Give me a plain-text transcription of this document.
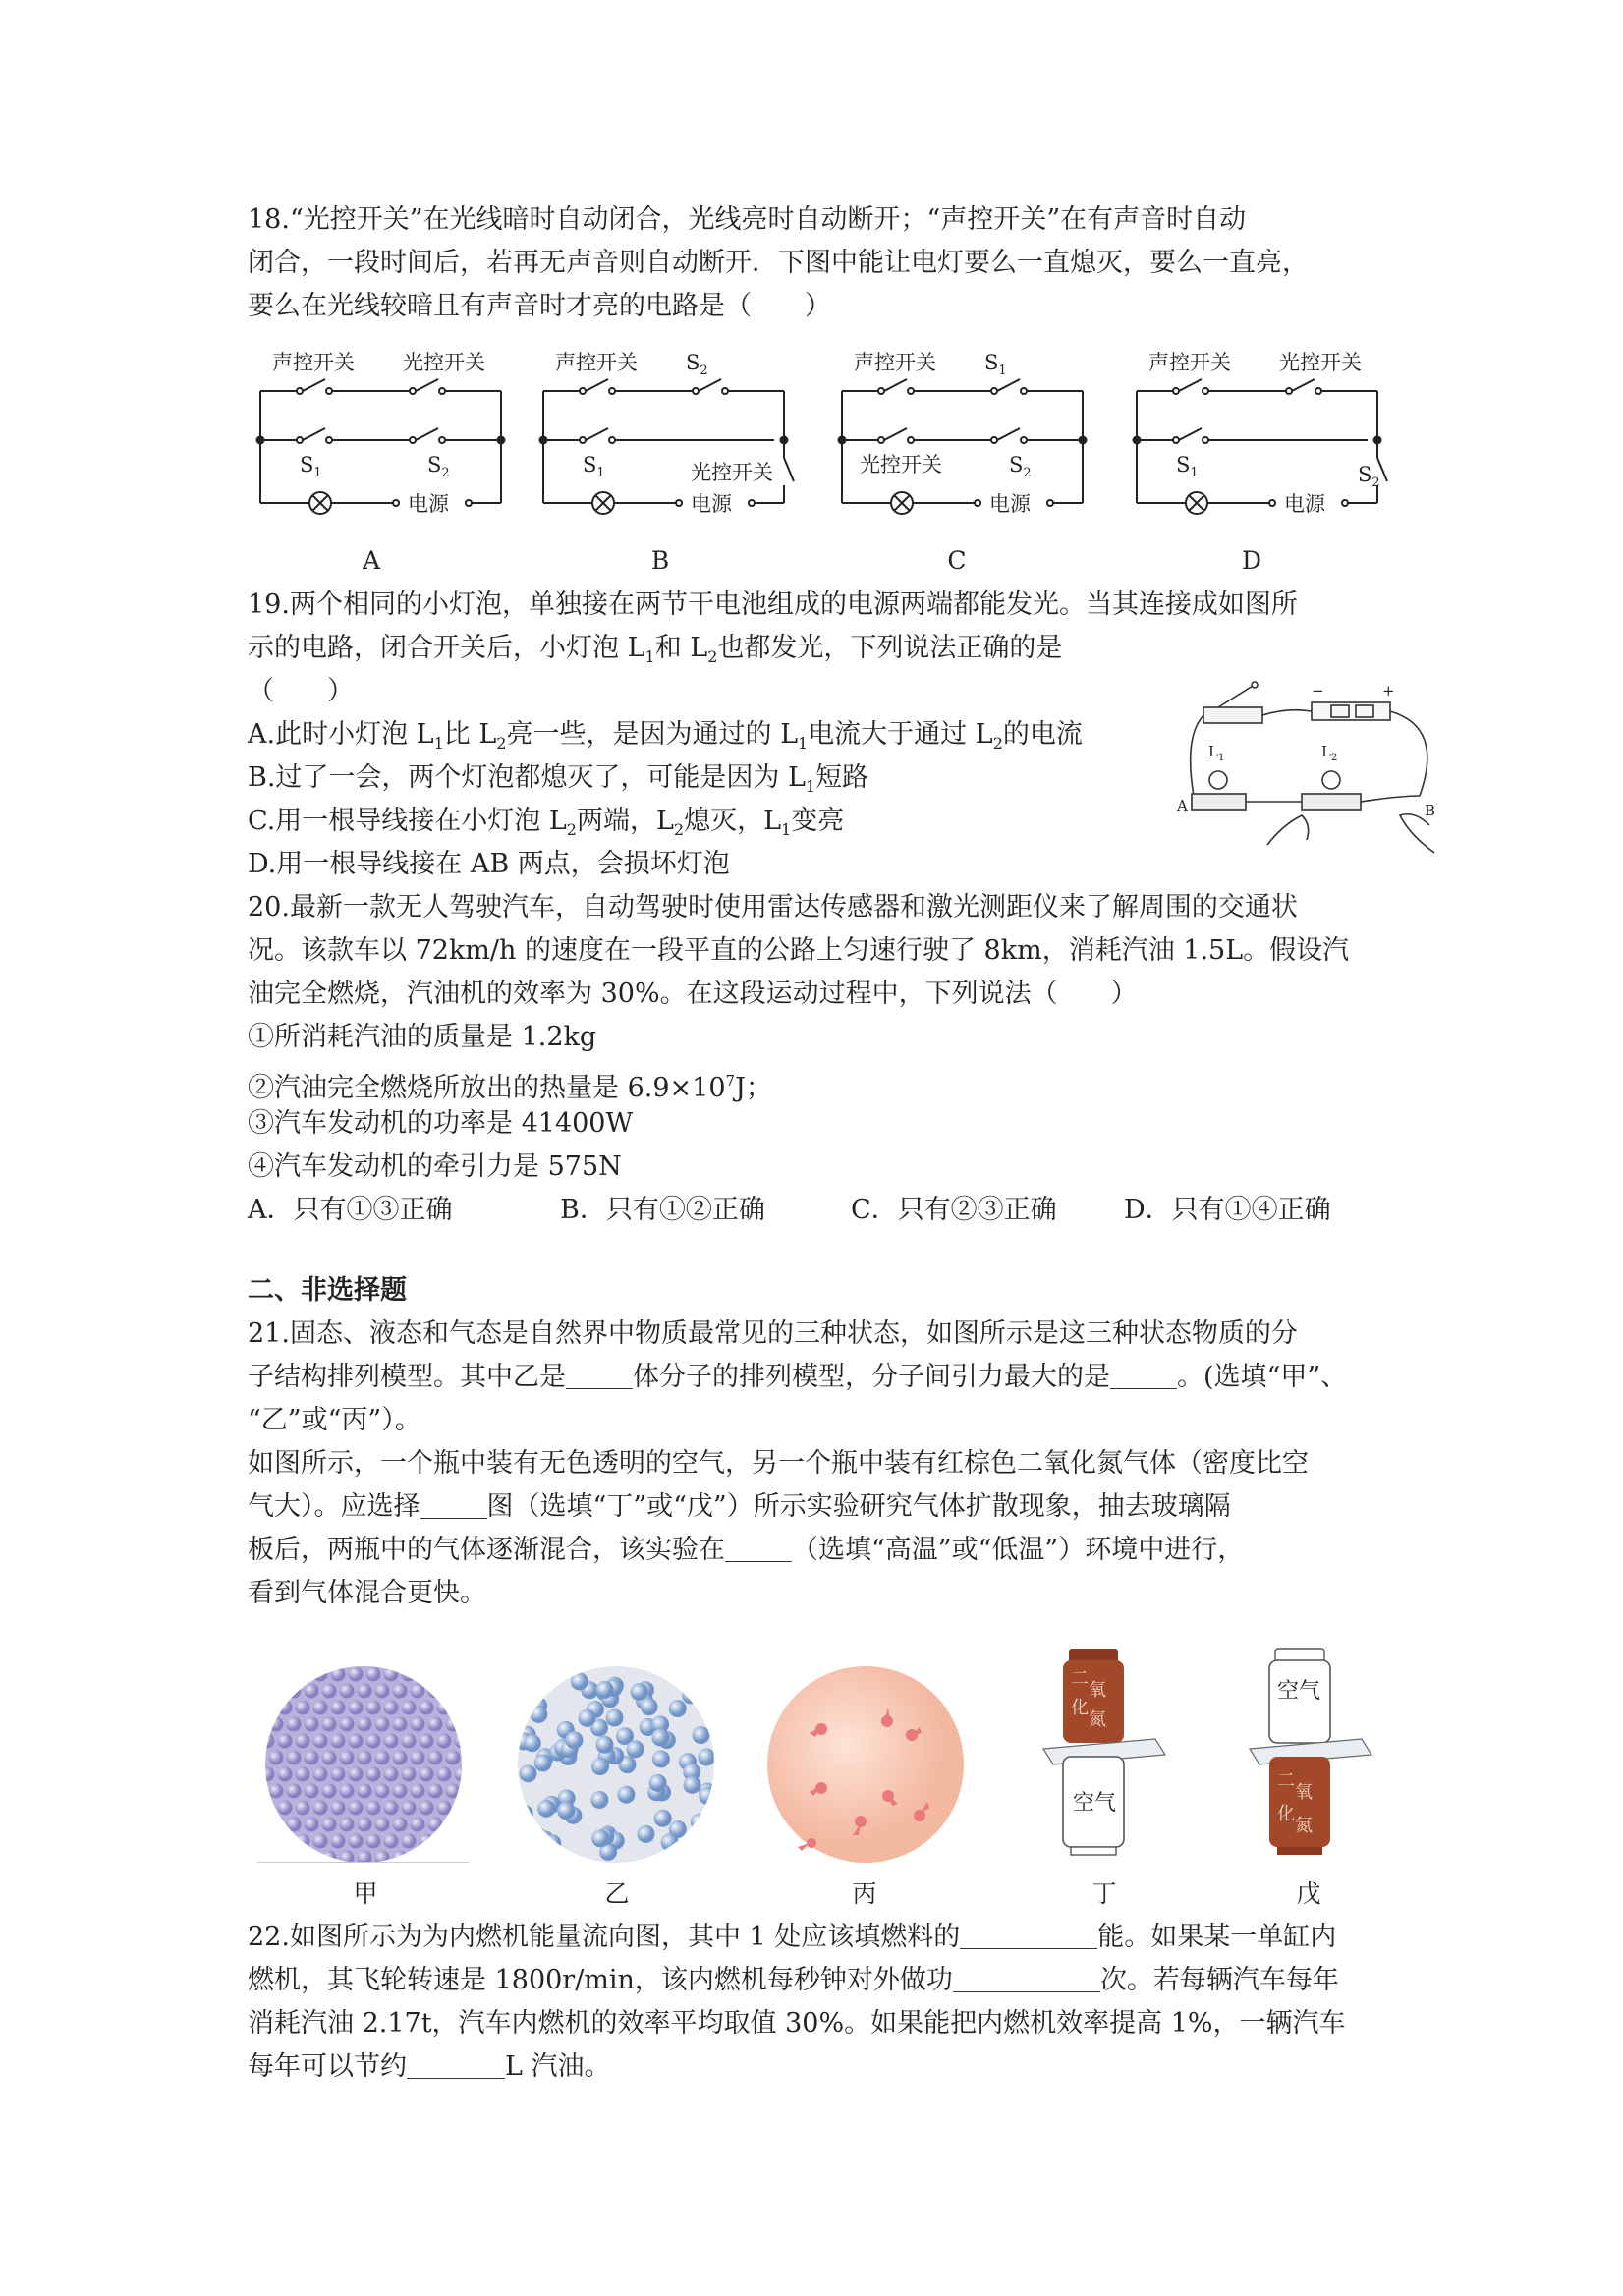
18.“光控开关”在光线暗时自动闭合，光线亮时自动断开；“声控开关”在有声音时自动
闭合，一段时间后，若再无声音则自动断开．下图中能让电灯要么一直熄灭，要么一直亮，
要么在光线较暗且有声音时才亮的电路是（　　）
声控开关 光控开关
$S_1$	$S_2$
电源
声控开关 $S_2$
$S_1$	光控开关
电源
声控开关 $S_1$
光控开关	$S_2$
电源
声控开关 光控开关
$S_1$	$S_2$
电源
A	B	C	D
19.两个相同的小灯泡，单独接在两节干电池组成的电源两端都能发光。当其连接成如图所
示的电路，闭合开关后，小灯泡 $L_1$和 $L_2$也都发光，下列说法正确的是
（　　）
A.此时小灯泡 $L_1$比 $L_2$亮一些，是因为通过的 $L_1$电流大于通过 $L_2$的电流
B.过了一会，两个灯泡都熄灭了，可能是因为 $L_1$短路
C.用一根导线接在小灯泡 $L_2$两端，$L_2$熄灭，$L_1$变亮
D.用一根导线接在 AB 两点，会损坏灯泡
$L_1$	$L_2$
A	B
−	+
20.最新一款无人驾驶汽车，自动驾驶时使用雷达传感器和激光测距仪来了解周围的交通状
况。该款车以 72km/h 的速度在一段平直的公路上匀速行驶了 8km，消耗汽油 1.5L。假设汽
油完全燃烧，汽油机的效率为 30%。在这段运动过程中，下列说法（　　）
①所消耗汽油的质量是 1.2kg
②汽油完全燃烧所放出的热量是 $6.9\times 10^7J$；
③汽车发动机的功率是 41400W
④汽车发动机的牵引力是 575N
A．只有①③正确	B．只有①②正确	C．只有②③正确	D．只有①④正确
二、非选择题
21.固态、液态和气态是自然界中物质最常见的三种状态，如图所示是这三种状态物质的分
子结构排列模型。其中乙是	体分子的排列模型，分子间引力最大的是	。(选填“甲”、
“乙”或“丙”）。
如图所示，一个瓶中装有无色透明的空气，另一个瓶中装有红棕色二氧化氮气体（密度比空
气大）。应选择	图（选填“丁”或“戊”）所示实验研究气体扩散现象，抽去玻璃隔
板后，两瓶中的气体逐渐混合，该实验在	（选填“高温”或“低温”）环境中进行，
看到气体混合更快。
二
氧
化
氮
空气
空气
二
氧
化
氮
甲	乙	丙	丁	戊
22.如图所示为为内燃机能量流向图，其中 1 处应该填燃料的	能。如果某一单缸内
燃机，其飞轮转速是 1800r/min，该内燃机每秒钟对外做功	次。若每辆汽车每年
消耗汽油 2.17t，汽车内燃机的效率平均取值 30%。如果能把内燃机效率提高 1%，一辆汽车
每年可以节约	L 汽油。
